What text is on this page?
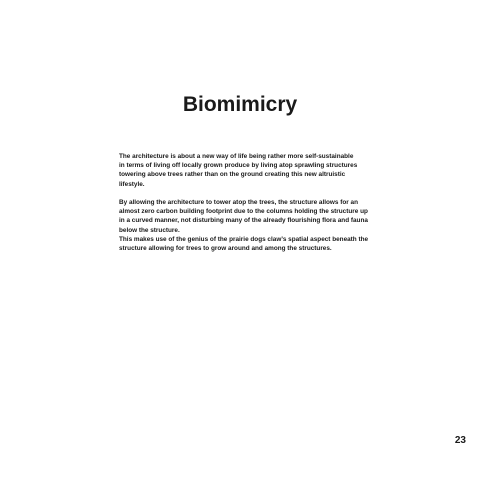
Biomimicry

The architecture is about a new way of life being rather more self-sustainable
in terms of living off locally grown produce by living atop sprawling structures
towering above trees rather than on the ground creating this new altruistic
lifestyle.

By allowing the architecture to tower atop the trees, the structure allows for an
almost zero carbon building footprint due to the columns holding the structure up
in a curved manner, not disturbing many of the already flourishing flora and fauna
below the structure.
This makes use of the genius of the prairie dogs claw’s spatial aspect beneath the
structure allowing for trees to grow around and among the structures.

23
